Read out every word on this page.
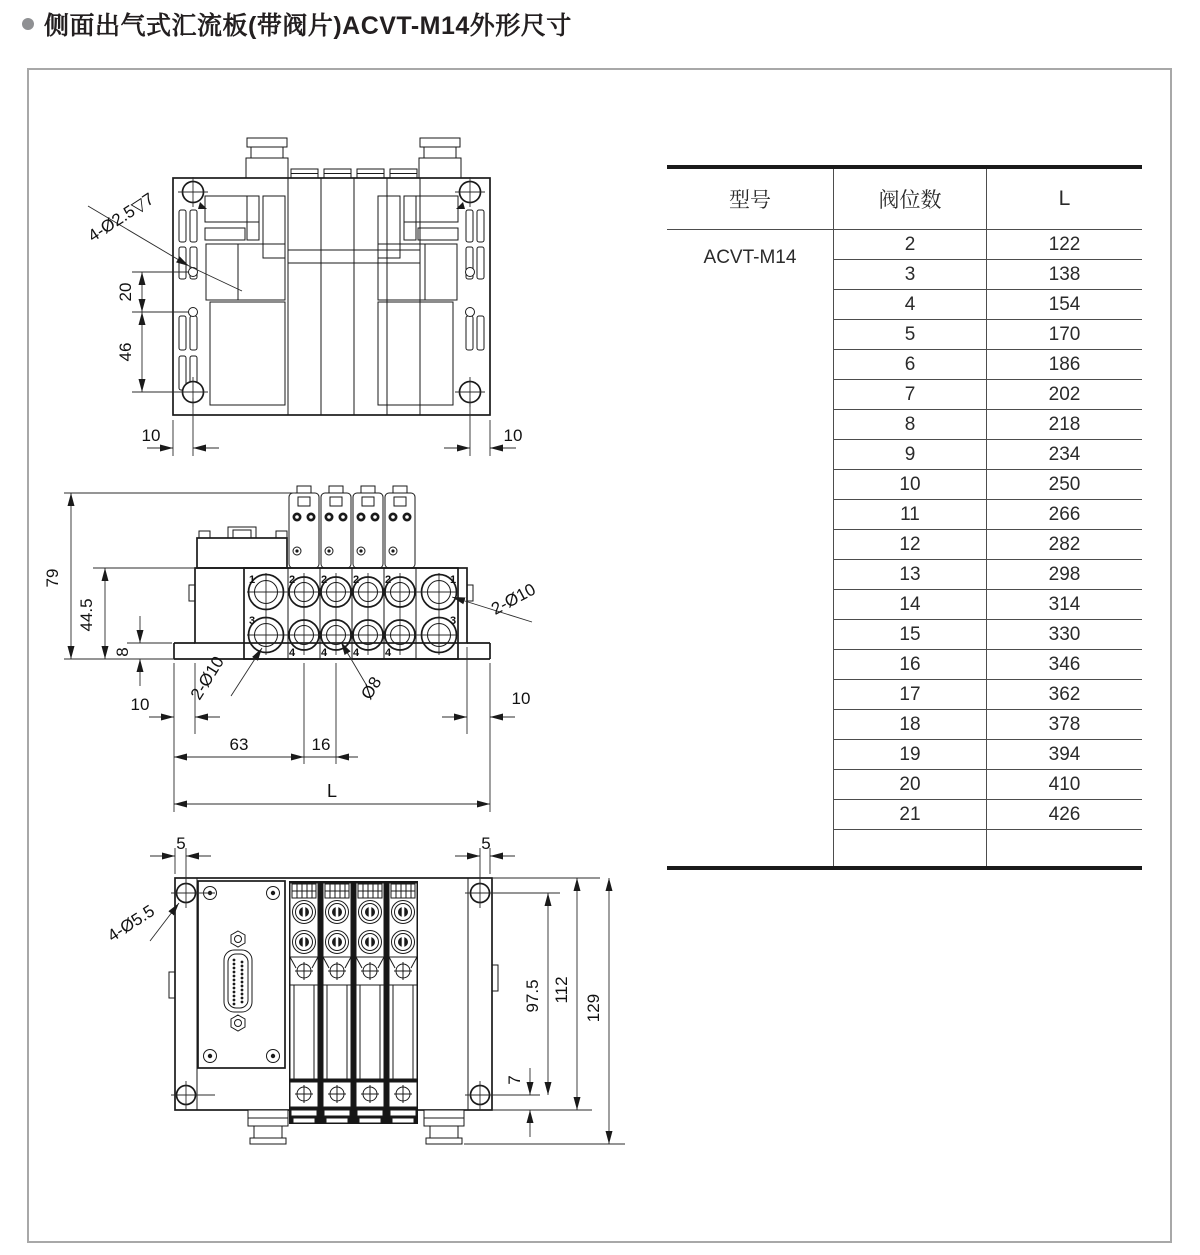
侧面出气式汇流板(带阀片)ACVT-M14外形尺寸
20
46
4-Ø2.5▽7
10	10
1
3
2 2 2 2
4 4 4 4
1
3
79
44.5
8
10	10
63	16
L
2-Ø10
2-Ø10	Ø8
5	5
4-Ø5.5
97.5 112
129
7
型号	阀位数	L
ACVT-M14	2	122
	3	138
	4	154
	5	170
	6	186
	7	202
	8	218
	9	234
	10	250
	11	266
	12	282
	13	298
	14	314
	15	330
	16	346
	17	362
	18	378
	19	394
	20	410
	21	426
